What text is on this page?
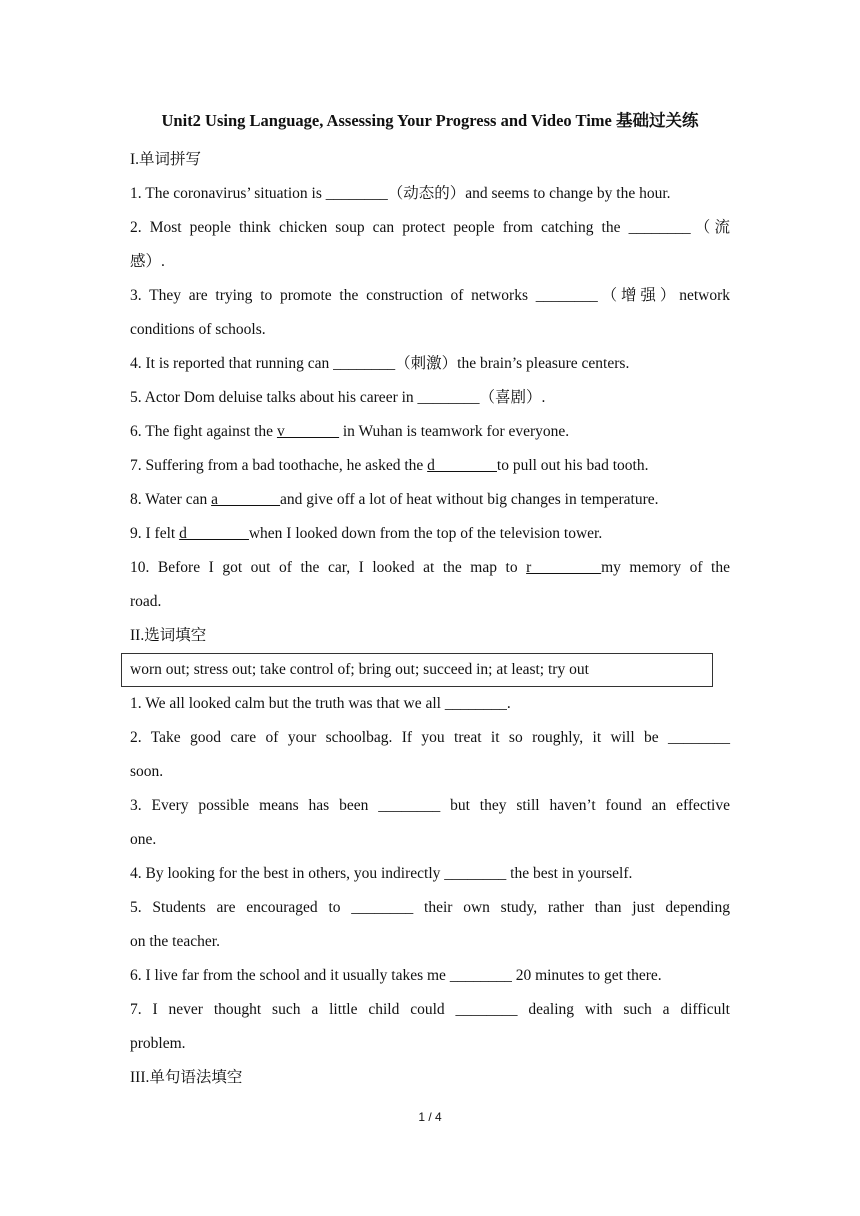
Unit2 Using Language, Assessing Your Progress and Video Time 基础过关练
I.单词拼写
1. The coronavirus’ situation is ________（动态的）and seems to change by the hour.
2. Most people think chicken soup can protect people from catching the ________（流
感）.
3. They are trying to promote the construction of networks ________（增强）network
conditions of schools.
4. It is reported that running can ________（刺激）the brain’s pleasure centers.
5. Actor Dom deluise talks about his career in ________（喜剧）.
6. The fight against the v_______ in Wuhan is teamwork for everyone.
7. Suffering from a bad toothache, he asked the d________to pull out his bad tooth.
8. Water can a________and give off a lot of heat without big changes in temperature.
9. I felt d________when I looked down from the top of the television tower.
10. Before I got out of the car, I looked at the map to r_________my memory of the
road.
II.选词填空
worn out; stress out; take control of; bring out; succeed in; at least; try out
1. We all looked calm but the truth was that we all ________.
2. Take good care of your schoolbag. If you treat it so roughly, it will be ________
soon.
3. Every possible means has been ________ but they still haven’t found an effective
one.
4. By looking for the best in others, you indirectly ________ the best in yourself.
5. Students are encouraged to ________ their own study, rather than just depending
on the teacher.
6. I live far from the school and it usually takes me ________ 20 minutes to get there.
7. I never thought such a little child could ________ dealing with such a difficult
problem.
III.单句语法填空
1 / 4
